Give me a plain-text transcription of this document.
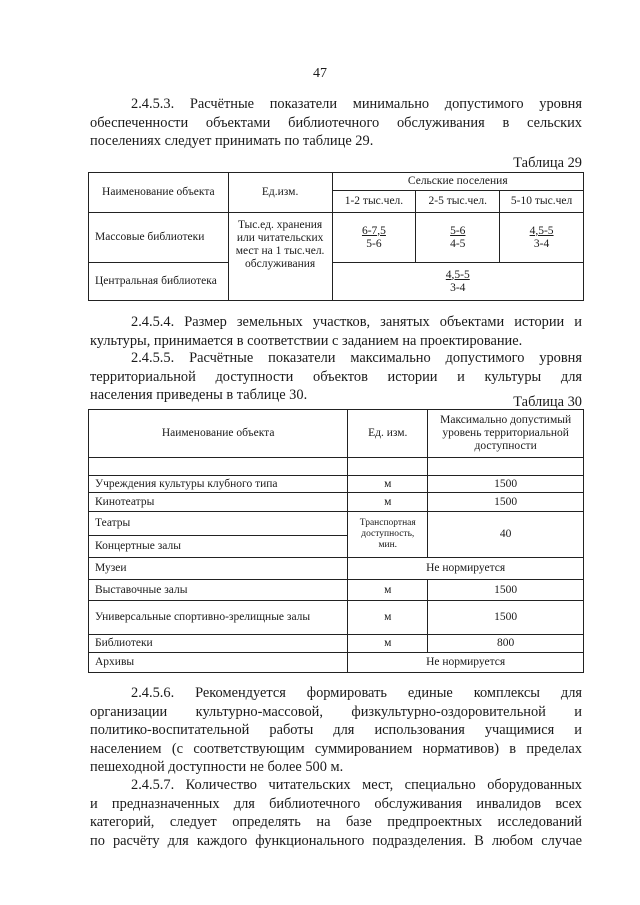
47
2.4.5.3. Расчётные показатели минимально допустимого уровня
обеспеченности объектами библиотечного обслуживания в сельских
поселениях следует принимать по таблице 29.
Таблица 29
Наименование объекта	Ед.изм.	Сельские поселения		
		1-2 тыс.чел.	2-5 тыс.чел.	5-10 тыс.чел
Массовые библиотеки	Тыс.ед. хранения или читательских мест на 1 тыс.чел. обслуживания	$\frac{6-7,5}{5-6}$	$\frac{5-6}{4-5}$	$\frac{4,5-5}{3-4}$
Центральная библиотека		$\frac{4,5-5}{3-4}$
2.4.5.4. Размер земельных участков, занятых объектами истории и
культуры, принимается в соответствии с заданием на проектирование.
2.4.5.5. Расчётные показатели максимально допустимого уровня
территориальной доступности объектов истории и культуры для
населения приведены в таблице 30.	Таблица 30
Наименование объекта	Ед. изм.	Максимально допустимый уровень территориальной доступности

Учреждения культуры клубного типа	м	1500
Кинотеатры	м	1500
Театры	Транспортная доступность, мин.	40
Концертные залы		
Музеи	Не нормируется	
Выставочные залы	м	1500
Универсальные спортивно-зрелищные залы	м	1500
Библиотеки	м	800
Архивы	Не нормируется	
2.4.5.6. Рекомендуется формировать единые комплексы для
организации культурно-массовой, физкультурно-оздоровительной и
политико-воспитательной работы для использования учащимися и
населением (с соответствующим суммированием нормативов) в пределах
пешеходной доступности не более 500 м.
2.4.5.7. Количество читательских мест, специально оборудованных
и предназначенных для библиотечного обслуживания инвалидов всех
категорий, следует определять на базе предпроектных исследований
по расчёту для каждого функционального подразделения. В любом случае
